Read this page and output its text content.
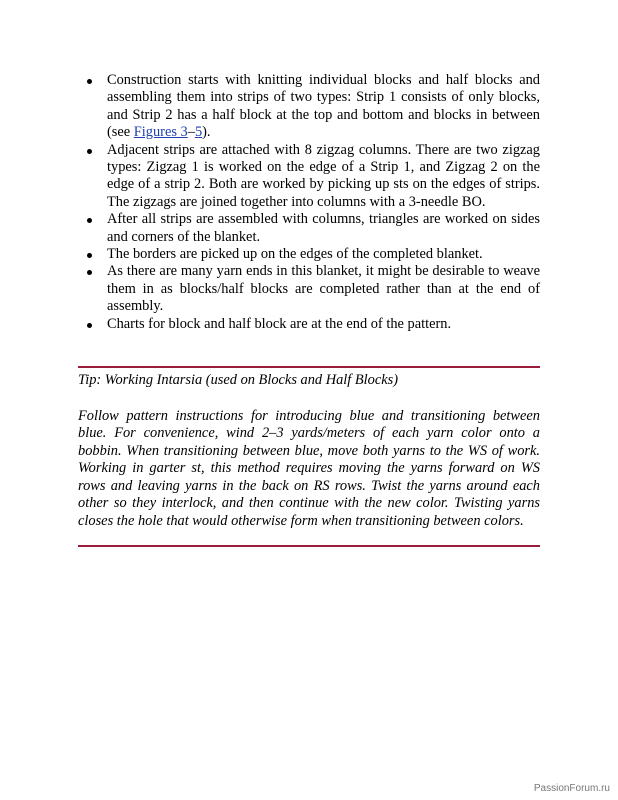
Construction starts with knitting individual blocks and half blocks and assembling them into strips of two types: Strip 1 consists of only blocks, and Strip 2 has a half block at the top and bottom and blocks in between (see Figures 3–5).
Adjacent strips are attached with 8 zigzag columns. There are two zigzag types: Zigzag 1 is worked on the edge of a Strip 1, and Zigzag 2 on the edge of a strip 2. Both are worked by picking up sts on the edges of strips. The zigzags are joined together into columns with a 3-needle BO.
After all strips are assembled with columns, triangles are worked on sides and corners of the blanket.
The borders are picked up on the edges of the completed blanket.
As there are many yarn ends in this blanket, it might be desirable to weave them in as blocks/half blocks are completed rather than at the end of assembly.
Charts for block and half block are at the end of the pattern.

Tip: Working Intarsia (used on Blocks and Half Blocks)

Follow pattern instructions for introducing blue and transitioning between blue. For convenience, wind 2–3 yards/meters of each yarn color onto a bobbin. When transitioning between blue, move both yarns to the WS of work. Working in garter st, this method requires moving the yarns forward on WS rows and leaving yarns in the back on RS rows. Twist the yarns around each other so they interlock, and then continue with the new color. Twisting yarns closes the hole that would otherwise form when transitioning between colors.

PassionForum.ru
